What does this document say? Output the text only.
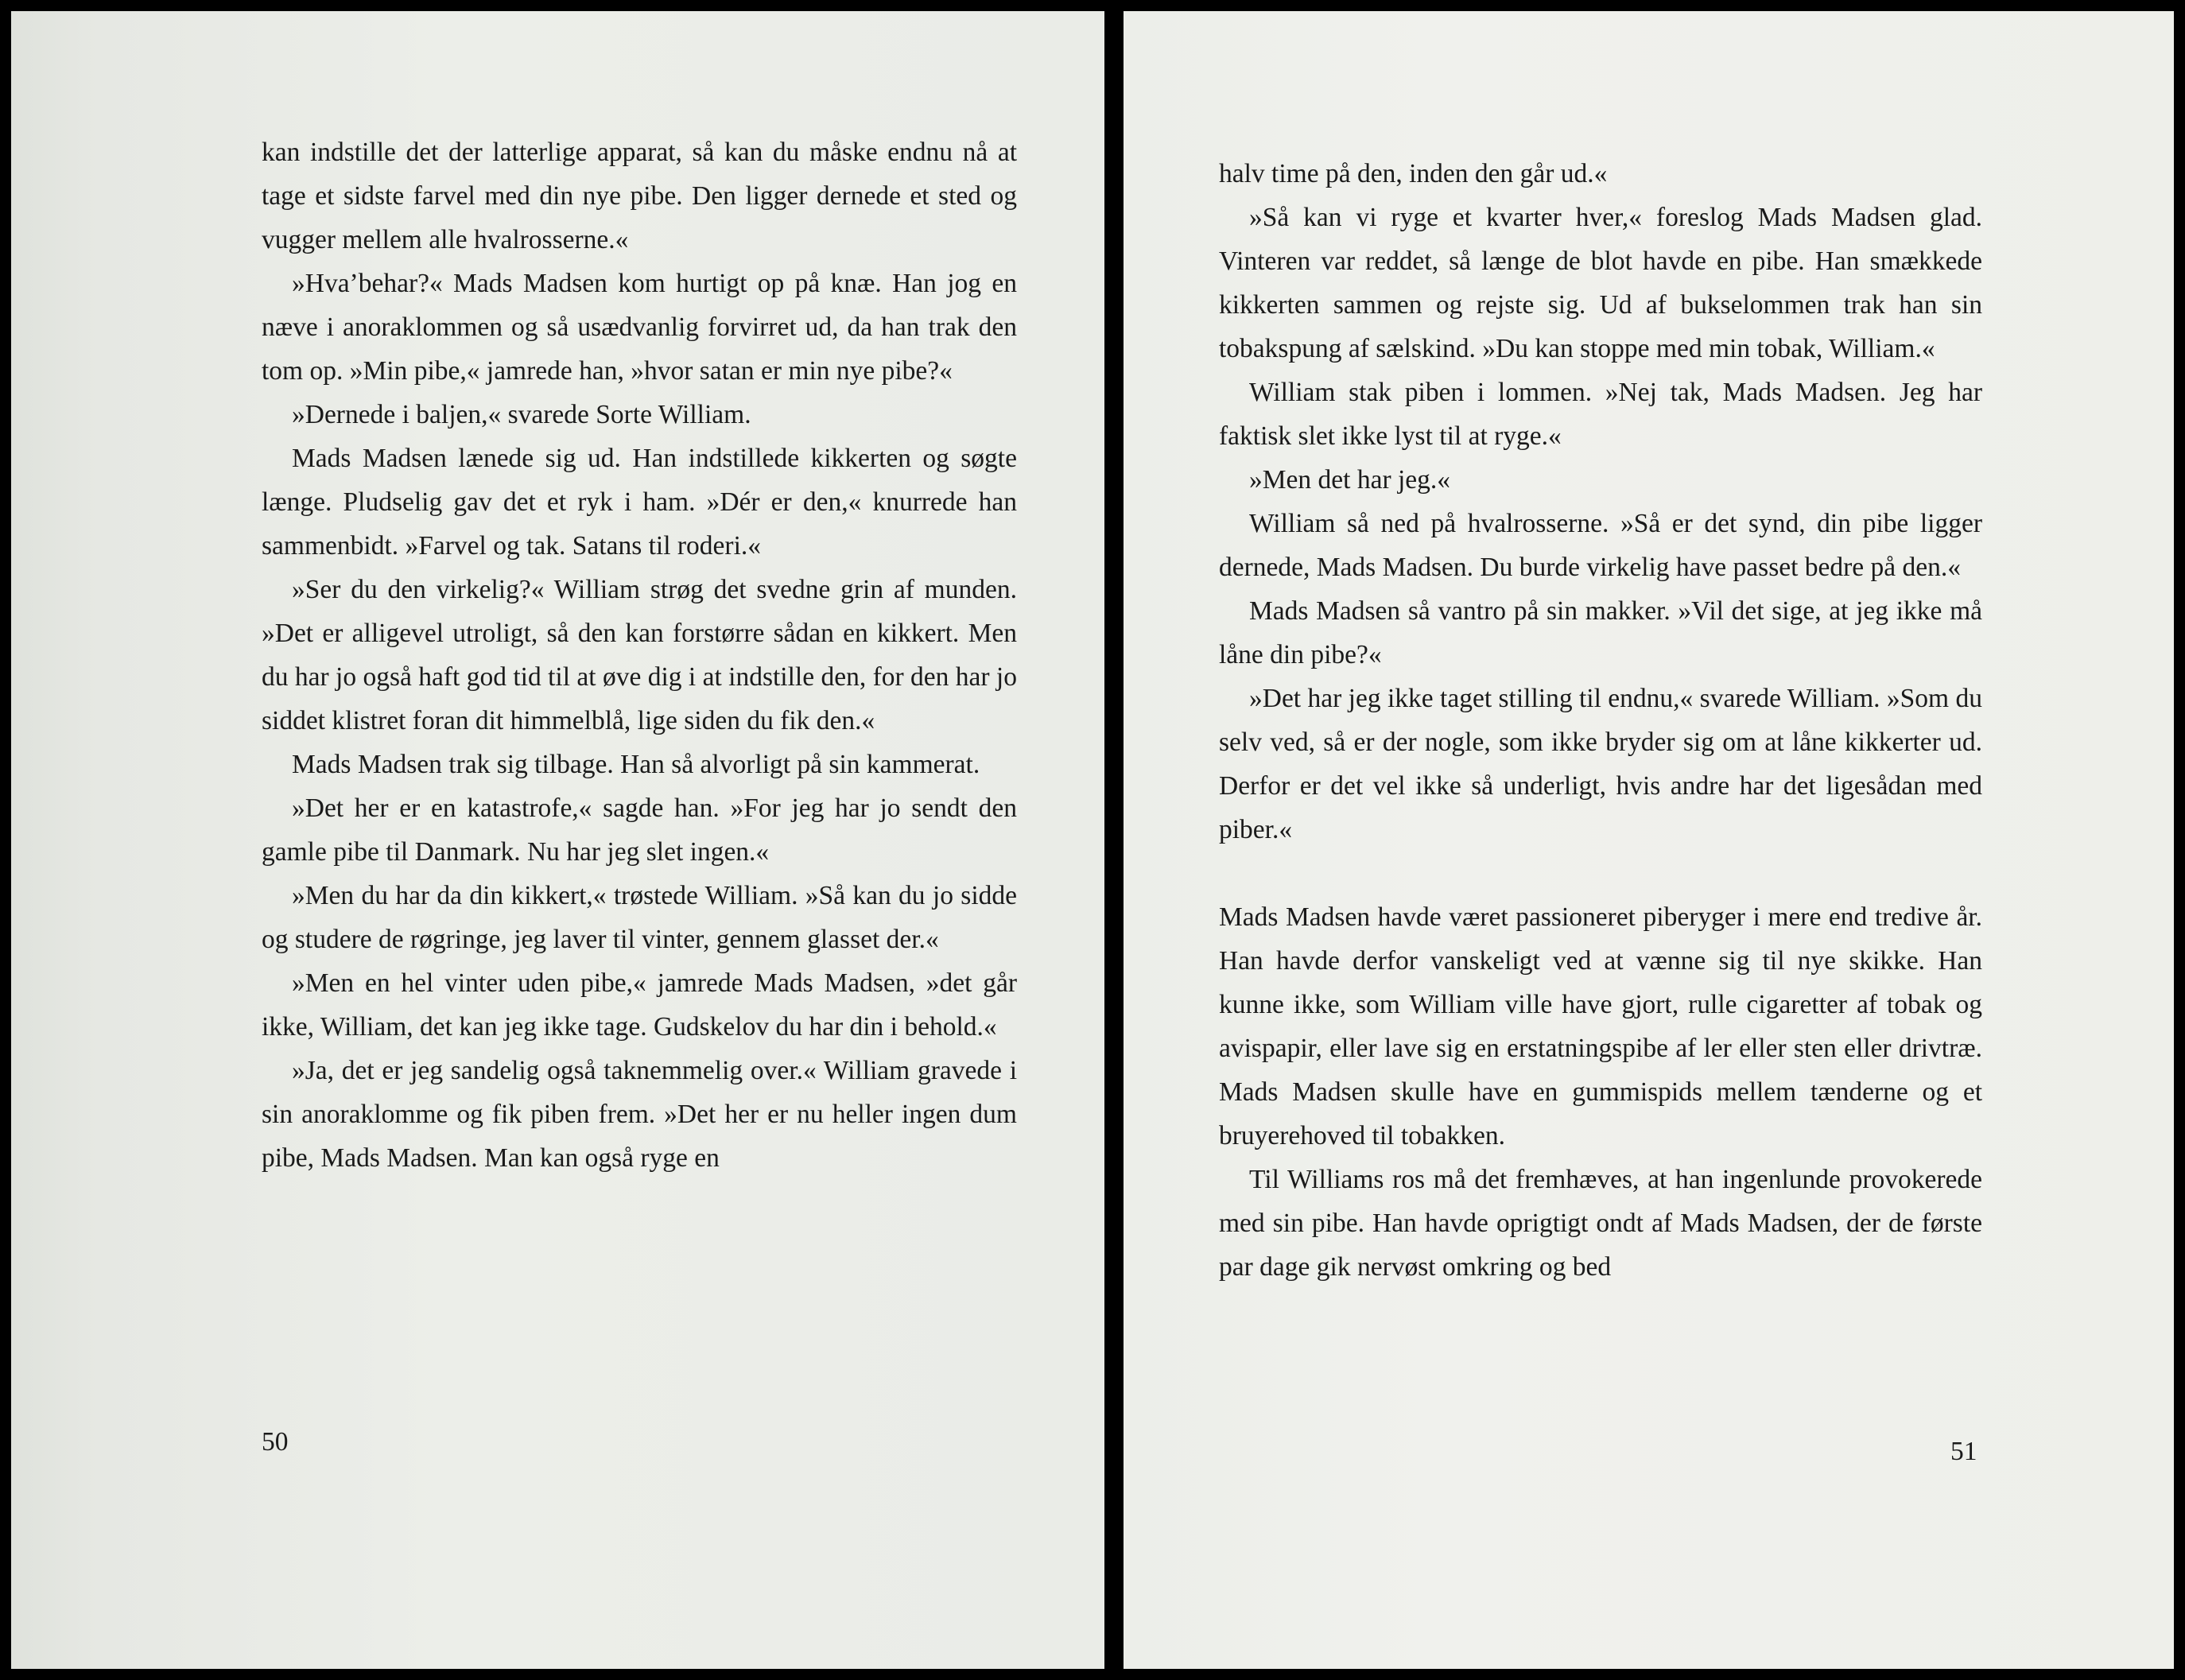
kan indstille det der latterlige apparat, så kan du måske endnu nå at tage et sidste farvel med din nye pibe. Den ligger dernede et sted og vugger mellem alle hvalrosserne.«

»Hva’behar?« Mads Madsen kom hurtigt op på knæ. Han jog en næve i anoraklommen og så usædvanlig forvirret ud, da han trak den tom op. »Min pibe,« jamrede han, »hvor satan er min nye pibe?«

»Dernede i baljen,« svarede Sorte William.

Mads Madsen lænede sig ud. Han indstillede kikkerten og søgte længe. Pludselig gav det et ryk i ham. »Dér er den,« knurrede han sammenbidt. »Farvel og tak. Satans til roderi.«

»Ser du den virkelig?« William strøg det svedne grin af munden. »Det er alligevel utroligt, så den kan forstørre sådan en kikkert. Men du har jo også haft god tid til at øve dig i at indstille den, for den har jo siddet klistret foran dit himmelblå, lige siden du fik den.«

Mads Madsen trak sig tilbage. Han så alvorligt på sin kammerat.

»Det her er en katastrofe,« sagde han. »For jeg har jo sendt den gamle pibe til Danmark. Nu har jeg slet ingen.«

»Men du har da din kikkert,« trøstede William. »Så kan du jo sidde og studere de røgringe, jeg laver til vinter, gennem glasset der.«

»Men en hel vinter uden pibe,« jamrede Mads Madsen, »det går ikke, William, det kan jeg ikke tage. Gudskelov du har din i behold.«

»Ja, det er jeg sandelig også taknemmelig over.« William gravede i sin anoraklomme og fik piben frem. »Det her er nu heller ingen dum pibe, Mads Madsen. Man kan også ryge en

50

halv time på den, inden den går ud.«

»Så kan vi ryge et kvarter hver,« foreslog Mads Madsen glad. Vinteren var reddet, så længe de blot havde en pibe. Han smækkede kikkerten sammen og rejste sig. Ud af bukselommen trak han sin tobakspung af sælskind. »Du kan stoppe med min tobak, William.«

William stak piben i lommen. »Nej tak, Mads Madsen. Jeg har faktisk slet ikke lyst til at ryge.«

»Men det har jeg.«

William så ned på hvalrosserne. »Så er det synd, din pibe ligger dernede, Mads Madsen. Du burde virkelig have passet bedre på den.«

Mads Madsen så vantro på sin makker. »Vil det sige, at jeg ikke må låne din pibe?«

»Det har jeg ikke taget stilling til endnu,« svarede William. »Som du selv ved, så er der nogle, som ikke bryder sig om at låne kikkerter ud. Derfor er det vel ikke så underligt, hvis andre har det ligesådan med piber.«

Mads Madsen havde været passioneret piberyger i mere end tredive år. Han havde derfor vanskeligt ved at vænne sig til nye skikke. Han kunne ikke, som William ville have gjort, rulle cigaretter af tobak og avispapir, eller lave sig en erstatningspibe af ler eller sten eller drivtræ. Mads Madsen skulle have en gummispids mellem tænderne og et bruyerehoved til tobakken.

Til Williams ros må det fremhæves, at han ingenlunde provokerede med sin pibe. Han havde oprigtigt ondt af Mads Madsen, der de første par dage gik nervøst omkring og bed

51
